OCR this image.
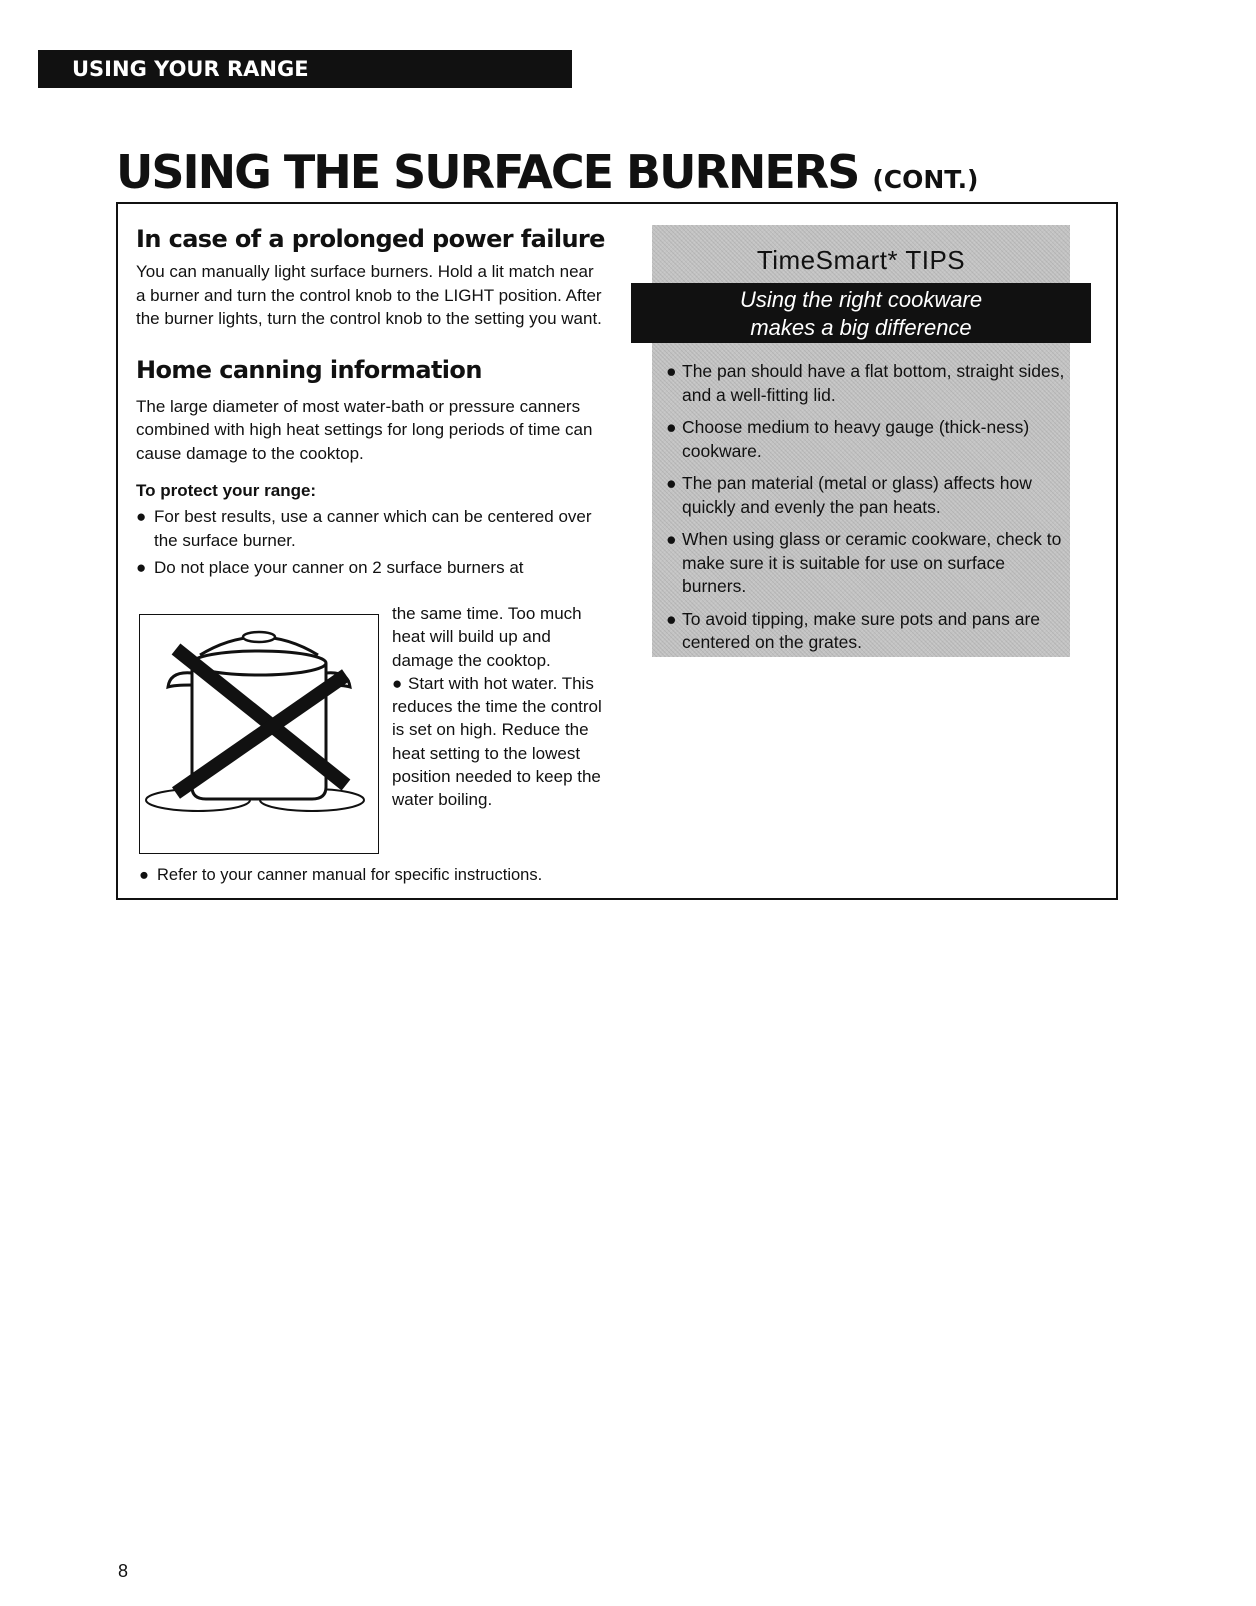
USING YOUR RANGE
USING THE SURFACE BURNERS (CONT.)
In case of a prolonged power failure

You can manually light surface burners. Hold a lit match near a burner and turn the control knob to the LIGHT position. After the burner lights, turn the control knob to the setting you want.

Home canning information

The large diameter of most water-bath or pressure canners combined with high heat settings for long periods of time can cause damage to the cooktop.

To protect your range:
● For best results, use a canner which can be centered over the surface burner.
● Do not place your canner on 2 surface burners at
the same time. Too much heat will build up and damage the cooktop.
● Start with hot water. This reduces the time the control is set on high. Reduce the heat setting to the lowest position needed to keep the water boiling.
● Refer to your canner manual for specific instructions.
TimeSmart* TIPS
Using the right cookware
makes a big difference
● The pan should have a flat bottom, straight sides, and a well-fitting lid.
● Choose medium to heavy gauge (thick-ness) cookware.
● The pan material (metal or glass) affects how quickly and evenly the pan heats.
● When using glass or ceramic cookware, check to make sure it is suitable for use on surface burners.
● To avoid tipping, make sure pots and pans are centered on the grates.
8
